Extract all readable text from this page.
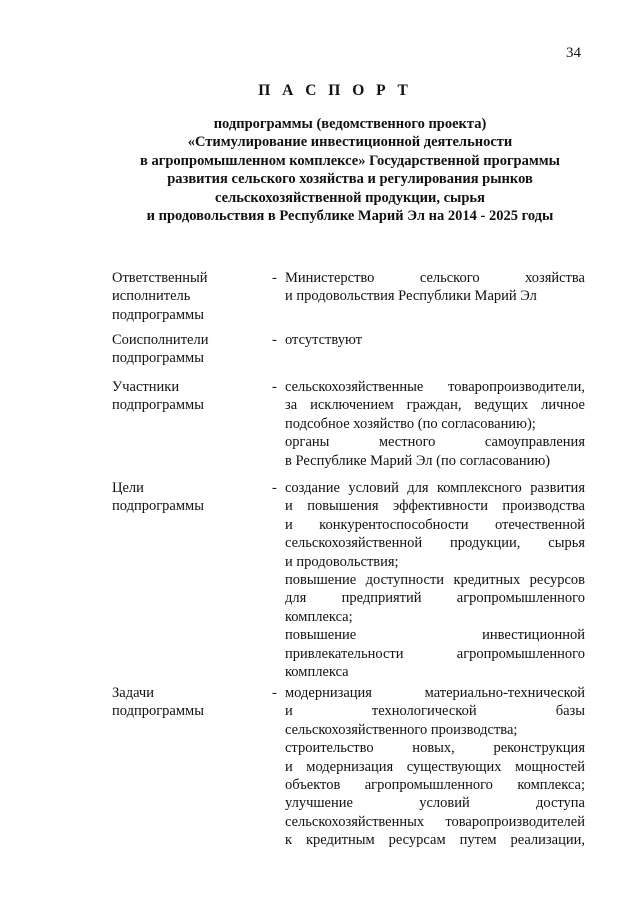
34
П А С П О Р Т
подпрограммы (ведомственного проекта)
«Стимулирование инвестиционной деятельности
в агропромышленном комплексе» Государственной программы
развития сельского хозяйства и регулирования рынков
сельскохозяйственной продукции, сырья
и продовольствия в Республике Марий Эл на 2014 - 2025 годы
Ответственный
исполнитель
подпрограммы
- Министерство сельского хозяйства
и продовольствия Республики Марий Эл
Соисполнители
подпрограммы
- отсутствуют
Участники
подпрограммы
- сельскохозяйственные товаропроизводители,
за исключением граждан, ведущих личное
подсобное хозяйство (по согласованию);
органы местного самоуправления
в Республике Марий Эл (по согласованию)
Цели
подпрограммы
- создание условий для комплексного развития
и повышения эффективности производства
и конкурентоспособности отечественной
сельскохозяйственной продукции, сырья
и продовольствия;
повышение доступности кредитных ресурсов
для предприятий агропромышленного
комплекса;
повышение инвестиционной
привлекательности агропромышленного
комплекса
Задачи
подпрограммы
- модернизация материально-технической
и технологической базы
сельскохозяйственного производства;
строительство новых, реконструкция
и модернизация существующих мощностей
объектов агропромышленного комплекса;
улучшение условий доступа
сельскохозяйственных товаропроизводителей
к кредитным ресурсам путем реализации,
